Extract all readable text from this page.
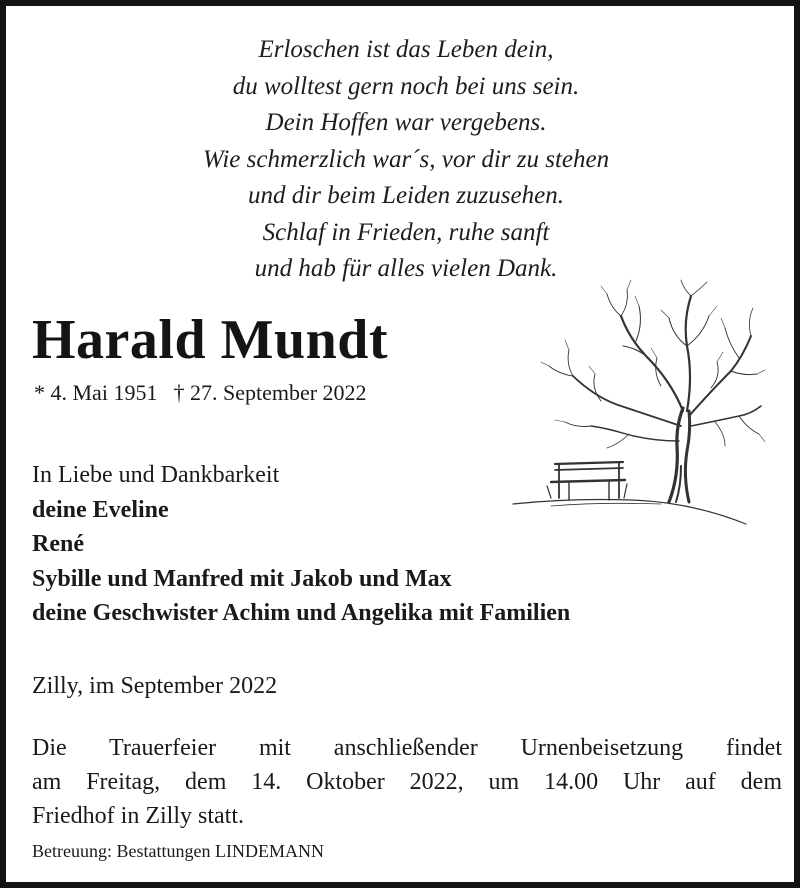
Erloschen ist das Leben dein,
du wolltest gern noch bei uns sein.
Dein Hoffen war vergebens.
Wie schmerzlich war´s, vor dir zu stehen
und dir beim Leiden zuzusehen.
Schlaf in Frieden, ruhe sanft
und hab für alles vielen Dank.
Harald Mundt
* 4. Mai 1951 † 27. September 2022
In Liebe und Dankbarkeit
deine Eveline
René
Sybille und Manfred mit Jakob und Max
deine Geschwister Achim und Angelika mit Familien
Zilly, im September 2022
Die Trauerfeier mit anschließender Urnenbeisetzung findet
am Freitag, dem 14. Oktober 2022, um 14.00 Uhr auf dem
Friedhof in Zilly statt.
Betreuung: Bestattungen LINDEMANN
